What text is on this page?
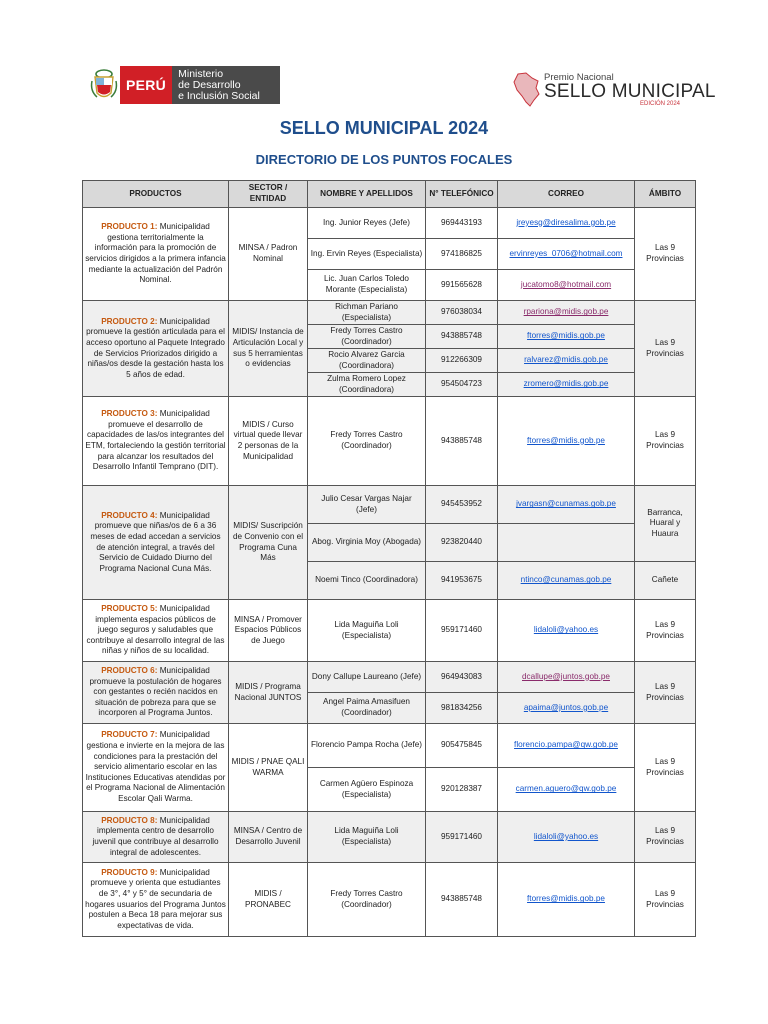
PERÚ
Ministerio
de Desarrollo
e Inclusión Social
Premio Nacional
SELLO MUNICIPAL
EDICIÓN 2024
SELLO MUNICIPAL 2024
DIRECTORIO DE LOS PUNTOS FOCALES
PRODUCTOS	SECTOR / ENTIDAD	NOMBRE Y APELLIDOS	N° TELEFÓNICO	CORREO	ÁMBITO
PRODUCTO 1: Municipalidad gestiona territorialmente la información para la promoción de servicios dirigidos a la primera infancia mediante la actualización del Padrón Nominal.	MINSA / Padron Nominal	Ing. Junior Reyes (Jefe)	969443193	jreyesg@diresalima.gob.pe	Las 9 Provincias
		Ing. Ervin Reyes (Especialista)	974186825	ervinreyes_0706@hotmail.com	
		Lic. Juan Carlos Toledo Morante (Especialista)	991565628	jucatomo8@hotmail.com	
PRODUCTO 2: Municipalidad promueve la gestión articulada para el acceso oportuno al Paquete Integrado de Servicios Priorizados dirigido a niñas/os desde la gestación hasta los 5 años de edad.	MIDIS/ Instancia de Articulación Local y sus 5 herramientas o evidencias	Richman Pariano (Especialista)	976038034	rpariona@midis.gob.pe	Las 9 Provincias
		Fredy Torres Castro (Coordinador)	943885748	ftorres@midis.gob.pe	
		Rocio Alvarez Garcia (Coordinadora)	912266309	ralvarez@midis.gob.pe	
		Zulma Romero Lopez (Coordinadora)	954504723	zromero@midis.gob.pe	
PRODUCTO 3: Municipalidad promueve el desarrollo de capacidades de las/os integrantes del ETM, fortaleciendo la gestión territorial para alcanzar los resultados del Desarrollo Infantil Temprano (DIT).	MIDIS / Curso virtual quede llevar 2 personas de la Municipalidad	Fredy Torres Castro (Coordinador)	943885748	ftorres@midis.gob.pe	Las 9 Provincias
PRODUCTO 4: Municipalidad promueve que niñas/os de 6 a 36 meses de edad accedan a servicios de atención integral, a través del Servicio de Cuidado Diurno del Programa Nacional Cuna Más.	MIDIS/ Suscripción de Convenio con el Programa Cuna Más	Julio Cesar Vargas Najar (Jefe)	945453952	jvargasn@cunamas.gob.pe	Barranca, Huaral y Huaura
		Abog. Virginia Moy (Abogada)	923820440		
		Noemi Tinco (Coordinadora)	941953675	ntinco@cunamas.gob.pe	Cañete
PRODUCTO 5: Municipalidad implementa espacios públicos de juego seguros y saludables que contribuye al desarrollo integral de las niñas y niños de su localidad.	MINSA / Promover Espacios Públicos de Juego	Lida Maguiña Loli (Especialista)	959171460	lidaloli@yahoo.es	Las 9 Provincias
PRODUCTO 6: Municipalidad promueve la postulación de hogares con gestantes o recién nacidos en situación de pobreza para que se incorporen al Programa Juntos.	MIDIS / Programa Nacional JUNTOS	Dony Callupe Laureano (Jefe)	964943083	dcallupe@juntos.gob.pe	Las 9 Provincias
		Angel Paima Amasifuen (Coordinador)	981834256	apaima@juntos.gob.pe	
PRODUCTO 7: Municipalidad gestiona e invierte en la mejora de las condiciones para la prestación del servicio alimentario escolar en las Instituciones Educativas atendidas por el Programa Nacional de Alimentación Escolar Qali Warma.	MIDIS / PNAE QALI WARMA	Florencio Pampa Rocha (Jefe)	905475845	florencio.pampa@qw.gob.pe	Las 9 Provincias
		Carmen Agüero Espinoza (Especialista)	920128387	carmen.aguero@qw.gob.pe	
PRODUCTO 8: Municipalidad implementa centro de desarrollo juvenil que contribuye al desarrollo integral de adolescentes.	MINSA / Centro de Desarrollo Juvenil	Lida Maguiña Loli (Especialista)	959171460	lidaloli@yahoo.es	Las 9 Provincias
PRODUCTO 9: Municipalidad promueve y orienta que estudiantes de 3°, 4° y 5° de secundaria de hogares usuarios del Programa Juntos postulen a Beca 18 para mejorar sus expectativas de vida.	MIDIS / PRONABEC	Fredy Torres Castro (Coordinador)	943885748	ftorres@midis.gob.pe	Las 9 Provincias
